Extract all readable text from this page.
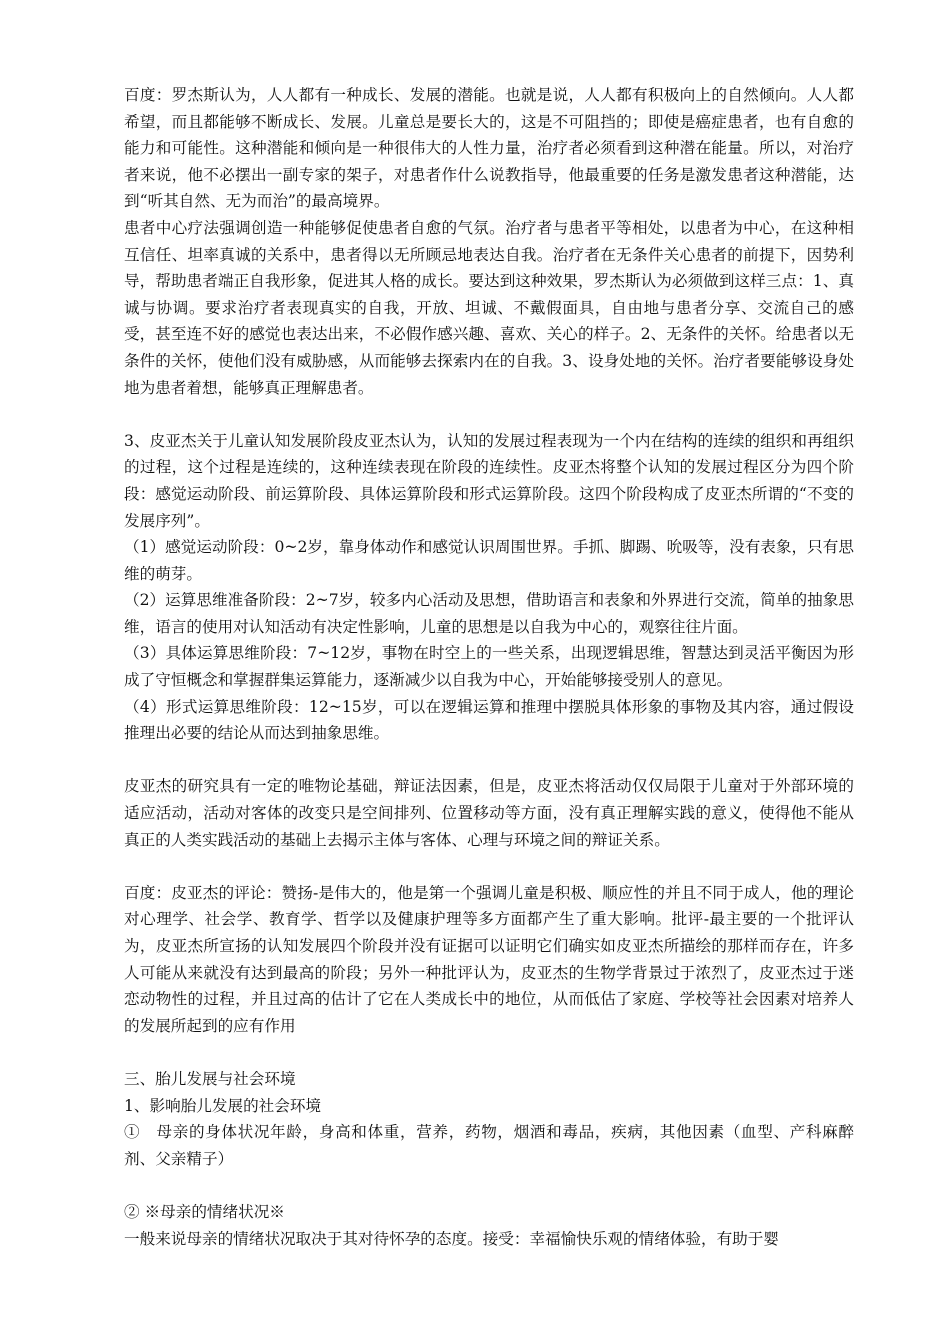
百度：罗杰斯认为，人人都有一种成长、发展的潜能。也就是说，人人都有积极向上的自然倾向。人人都希望，而且都能够不断成长、发展。儿童总是要长大的，这是不可阻挡的；即使是癌症患者，也有自愈的能力和可能性。这种潜能和倾向是一种很伟大的人性力量，治疗者必须看到这种潜在能量。所以，对治疗者来说，他不必摆出一副专家的架子，对患者作什么说教指导，他最重要的任务是激发患者这种潜能，达到“听其自然、无为而治”的最高境界。

患者中心疗法强调创造一种能够促使患者自愈的气氛。治疗者与患者平等相处，以患者为中心，在这种相互信任、坦率真诚的关系中，患者得以无所顾忌地表达自我。治疗者在无条件关心患者的前提下，因势利导，帮助患者端正自我形象，促进其人格的成长。要达到这种效果，罗杰斯认为必须做到这样三点：1、真诚与协调。要求治疗者表现真实的自我，开放、坦诚、不戴假面具，自由地与患者分享、交流自己的感受，甚至连不好的感觉也表达出来，不必假作感兴趣、喜欢、关心的样子。2、无条件的关怀。给患者以无条件的关怀，使他们没有威胁感，从而能够去探索内在的自我。3、设身处地的关怀。治疗者要能够设身处地为患者着想，能够真正理解患者。

3、皮亚杰关于儿童认知发展阶段皮亚杰认为，认知的发展过程表现为一个内在结构的连续的组织和再组织的过程，这个过程是连续的，这种连续表现在阶段的连续性。皮亚杰将整个认知的发展过程区分为四个阶段：感觉运动阶段、前运算阶段、具体运算阶段和形式运算阶段。这四个阶段构成了皮亚杰所谓的“不变的发展序列”。

（1）感觉运动阶段：0~2岁，靠身体动作和感觉认识周围世界。手抓、脚踢、吮吸等，没有表象，只有思维的萌芽。

（2）运算思维准备阶段：2~7岁，较多内心活动及思想，借助语言和表象和外界进行交流，简单的抽象思维，语言的使用对认知活动有决定性影响，儿童的思想是以自我为中心的，观察往往片面。

（3）具体运算思维阶段：7~12岁，事物在时空上的一些关系，出现逻辑思维，智慧达到灵活平衡因为形成了守恒概念和掌握群集运算能力，逐渐减少以自我为中心，开始能够接受别人的意见。

（4）形式运算思维阶段：12~15岁，可以在逻辑运算和推理中摆脱具体形象的事物及其内容，通过假设推理出必要的结论从而达到抽象思维。

皮亚杰的研究具有一定的唯物论基础，辩证法因素，但是，皮亚杰将活动仅仅局限于儿童对于外部环境的适应活动，活动对客体的改变只是空间排列、位置移动等方面，没有真正理解实践的意义，使得他不能从真正的人类实践活动的基础上去揭示主体与客体、心理与环境之间的辩证关系。

百度：皮亚杰的评论：赞扬-是伟大的，他是第一个强调儿童是积极、顺应性的并且不同于成人，他的理论对心理学、社会学、教育学、哲学以及健康护理等多方面都产生了重大影响。批评-最主要的一个批评认为，皮亚杰所宣扬的认知发展四个阶段并没有证据可以证明它们确实如皮亚杰所描绘的那样而存在，许多人可能从来就没有达到最高的阶段；另外一种批评认为，皮亚杰的生物学背景过于浓烈了，皮亚杰过于迷恋动物性的过程，并且过高的估计了它在人类成长中的地位，从而低估了家庭、学校等社会因素对培养人的发展所起到的应有作用

三、胎儿发展与社会环境

1、影响胎儿发展的社会环境

①　母亲的身体状况年龄，身高和体重，营养，药物，烟酒和毒品，疾病，其他因素（血型、产科麻醉剂、父亲精子）

② ※母亲的情绪状况※

一般来说母亲的情绪状况取决于其对待怀孕的态度。接受：幸福愉快乐观的情绪体验，有助于婴
